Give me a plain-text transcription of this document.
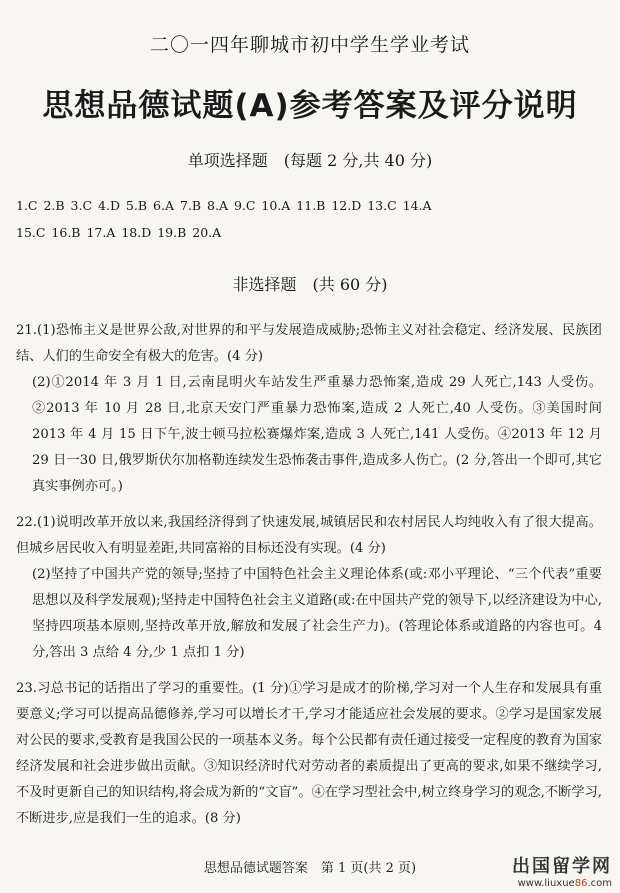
二〇一四年聊城市初中学生学业考试
思想品德试题(A)参考答案及评分说明
单项选择题　(每题 2 分,共 40 分)
1.C 2.B 3.C 4.D 5.B 6.A 7.B 8.A 9.C 10.A 11.B 12.D 13.C 14.A
15.C 16.B 17.A 18.D 19.B 20.A
非选择题　(共 60 分)
21.(1)恐怖主义是世界公敌,对世界的和平与发展造成威胁;恐怖主义对社会稳定、经济发展、民族团结、人们的生命安全有极大的危害。(4 分)
(2)①2014 年 3 月 1 日,云南昆明火车站发生严重暴力恐怖案,造成 29 人死亡,143 人受伤。②2013 年 10 月 28 日,北京天安门严重暴力恐怖案,造成 2 人死亡,40 人受伤。③美国时间 2013 年 4 月 15 日下午,波士顿马拉松赛爆炸案,造成 3 人死亡,141 人受伤。④2013 年 12 月 29 日一30 日,俄罗斯伏尔加格勒连续发生恐怖袭击事件,造成多人伤亡。(2 分,答出一个即可,其它真实事例亦可。)
22.(1)说明改革开放以来,我国经济得到了快速发展,城镇居民和农村居民人均纯收入有了很大提高。但城乡居民收入有明显差距,共同富裕的目标还没有实现。(4 分)
(2)坚持了中国共产党的领导;坚持了中国特色社会主义理论体系(或:邓小平理论、“三个代表”重要思想以及科学发展观);坚持走中国特色社会主义道路(或:在中国共产党的领导下,以经济建设为中心,坚持四项基本原则,坚持改革开放,解放和发展了社会生产力)。(答理论体系或道路的内容也可。4 分,答出 3 点给 4 分,少 1 点扣 1 分)
23.习总书记的话指出了学习的重要性。(1 分)①学习是成才的阶梯,学习对一个人生存和发展具有重要意义;学习可以提高品德修养,学习可以增长才干,学习才能适应社会发展的要求。②学习是国家发展对公民的要求,受教育是我国公民的一项基本义务。每个公民都有责任通过接受一定程度的教育为国家经济发展和社会进步做出贡献。③知识经济时代对劳动者的素质提出了更高的要求,如果不继续学习,不及时更新自己的知识结构,将会成为新的“文盲”。④在学习型社会中,树立终身学习的观念,不断学习,不断进步,应是我们一生的追求。(8 分)
思想品德试题答案　第 1 页(共 2 页)	出国留学网
www.liuxue86.com
